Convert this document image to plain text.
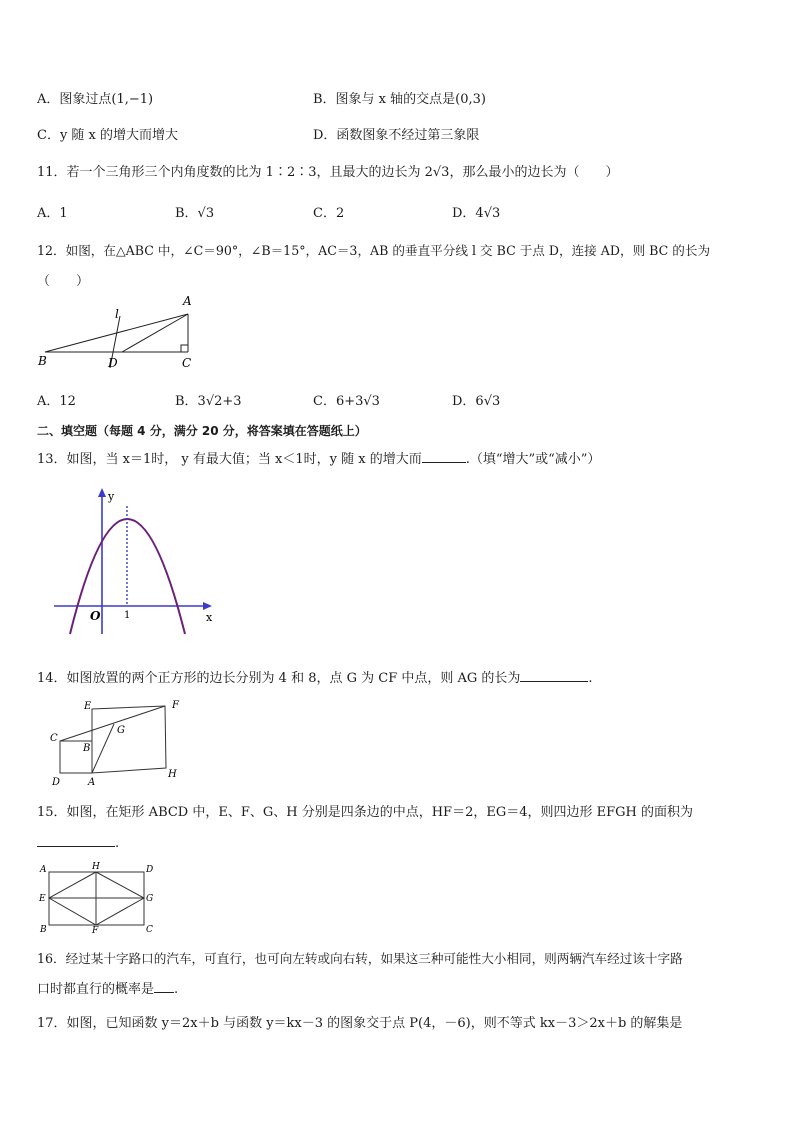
A．图象过点(1,−1)	B．图象与 x 轴的交点是(0,3)
C．y 随 x 的增大而增大	D．函数图象不经过第三象限
11．若一个三角形三个内角度数的比为 1∶2∶3，且最大的边长为 2√3，那么最小的边长为（　　）
A．1	B．√3	C．2	D．4√3
12．如图，在△ABC 中，∠C＝90°，∠B＝15°，AC＝3，AB 的垂直平分线 l 交 BC 于点 D，连接 AD，则 BC 的长为
（　　）
l
A
B	D	C
A．12	B．3√2+3	C．6+3√3	D．6√3
二、填空题（每题 4 分，满分 20 分，将答案填在答题纸上）
13．如图，当 x＝1时， y 有最大值；当 x＜1时，y 随 x 的增大而	.（填“增大”或“减小”）
y
O 1	x
14．如图放置的两个正方形的边长分别为 4 和 8，点 G 为 CF 中点，则 AG 的长为	.
E	F
G
C
B
D	A
H
15．如图，在矩形 ABCD 中，E、F、G、H 分别是四条边的中点，HF＝2，EG＝4，则四边形 EFGH 的面积为
.
A	H	D
E	G
B	F	C
16．经过某十字路口的汽车，可直行，也可向左转或向右转，如果这三种可能性大小相同，则两辆汽车经过该十字路
口时都直行的概率是 .
17．如图，已知函数 y＝2x＋b 与函数 y＝kx－3 的图象交于点 P(4，－6)，则不等式 kx－3＞2x＋b 的解集是
